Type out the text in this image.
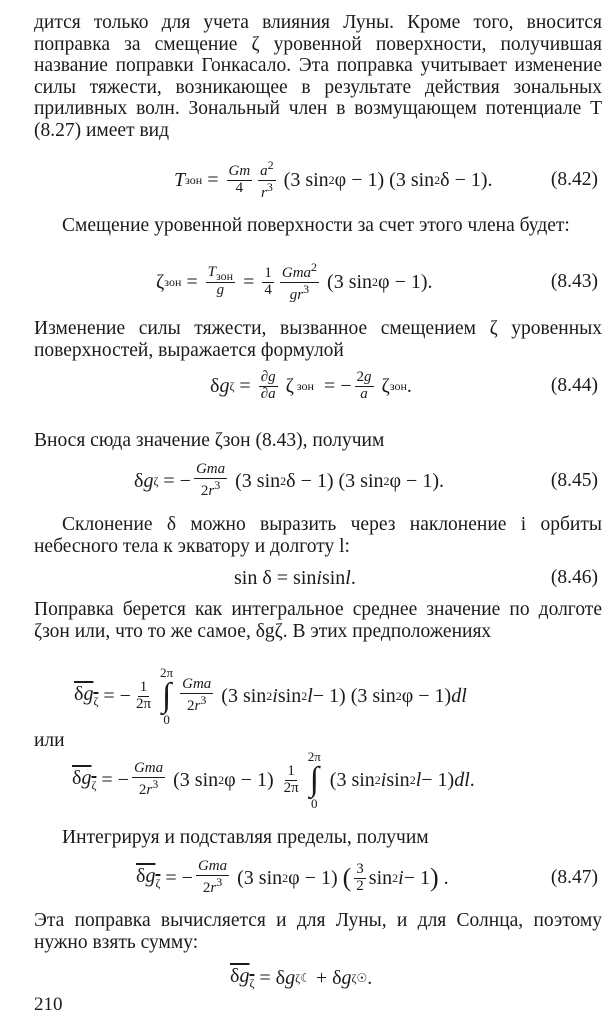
дится только для учета влияния Луны. Кроме того, вносится поправка за смещение ζ уровенной поверхности, получившая название поправки Гонкасало. Эта поправка учитывает изменение силы тяжести, возникающее в результате действия зональных приливных волн. Зональный член в возмущающем потенциале T (8.27) имеет вид

T зон = $\frac{Gm}{4} \frac{a^2}{r^3} (3$ sin 2 φ − 1) (3 sin 2 δ − 1).	(8.42)

Смещение уровенной поверхности за счет этого члена будет:

ζ зон = $\frac{T_{зон}}{g} = \frac{1}{4} \frac{Gma^2}{gr^3} (3$ sin 2 φ − 1).	(8.43)

Изменение силы тяжести, вызванное смещением ζ уровенных поверхностей, выражается формулой

δ g $\zeta = \frac{\partial g}{\partial a}$ ζ зон = − $\frac{2g}{a}$ ζ зон .	(8.44)

Внося сюда значение ζзон (8.43), получим

δ g ζ = − $\frac{\text{Gma}}{2r^3} (3$ sin 2 δ − 1) (3 sin 2 φ − 1).	(8.45)

Склонение δ можно выразить через наклонение i орбиты небесного тела к экватору и долготу l:

sin δ = sin i sin l .	(8.46)

Поправка берется как интегральное среднее значение по долготе ζзон или, что то же самое, δgζ. В этих предположениях

$\delta g_\zeta$ = − $\frac{1}{2\pi}$
2π
∫
0
$\frac{\text{Gma}}{2r^3} (3$ sin 2 i sin 2 l − 1) (3 sin 2 φ − 1) dl

или

$\delta g_\zeta$ = − $\frac{\text{Gma}}{2r^3} (3$ sin 2 $\varphi - 1) \frac{1}{2\pi}$
2π
∫
0
(3 sin 2 i sin 2 l − 1) dl .

Интегрируя и подставляя пределы, получим

$\delta g_\zeta$ = − $\frac{\text{Gma}}{2r^3} (3$ sin 2 φ − 1) ( $\frac{3}{2}$ sin 2 i − 1 ) .	(8.47)

Эта поправка вычисляется и для Луны, и для Солнца, поэтому нужно взять сумму:

$\delta g_\zeta = \delta$ g ζ☾ + δ g ζ☉ .
210
